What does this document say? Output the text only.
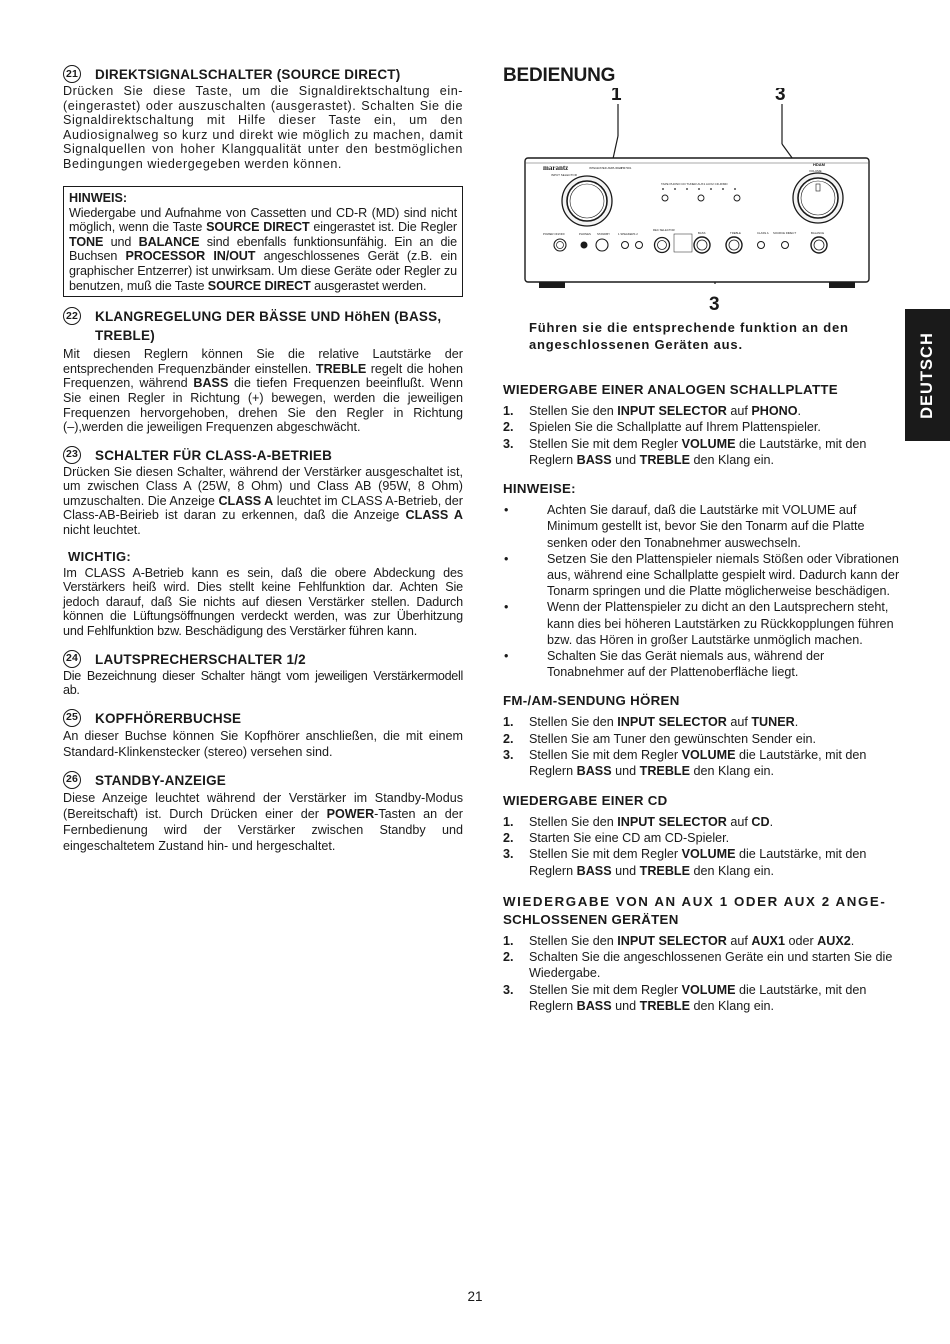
21 DIREKTSIGNALSCHALTER (SOURCE DIRECT)

Drücken Sie diese Taste, um die Signaldirektschaltung ein- (eingerastet) oder auszuschalten (ausgerastet). Schalten Sie die Signaldirektschaltung mit Hilfe dieser Taste ein, um den Audiosignalweg so kurz und direkt wie möglich zu machen, damit Signalquellen von hoher Klangqualität unter den bestmöglichen Bedingungen wiedergegeben werden können.

HINWEIS:

Wiedergabe und Aufnahme von Cassetten und CD-R (MD) sind nicht möglich, wenn die Taste SOURCE DIRECT eingerastet ist. Die Regler TONE und BALANCE sind ebenfalls funktionsunfähig. Ein an die Buchsen PROCESSOR IN/OUT angeschlossenes Gerät (z.B. ein graphischer Entzerrer) ist unwirksam. Um diese Geräte oder Regler zu benutzen, muß die Taste SOURCE DIRECT ausgerastet werden.

22 KLANGREGELUNG DER BÄSSE UND HöhEN (BASS, TREBLE)

Mit diesen Reglern können Sie die relative Lautstärke der entsprechenden Frequenzbänder einstellen. TREBLE regelt die hohen Frequenzen, während BASS die tiefen Frequenzen beeinflußt. Wenn Sie einen Regler in Richtung (+) bewegen, werden die jeweiligen Frequenzen hervorgehoben, drehen Sie den Regler in Richtung (–),werden die jeweiligen Frequenzen abgeschwächt.

23 SCHALTER FÜR CLASS-A-BETRIEB

Drücken Sie diesen Schalter, während der Verstärker ausgeschaltet ist, um zwischen Class A (25W, 8 Ohm) und Class AB (95W, 8 Ohm) umzuschalten. Die Anzeige CLASS A leuchtet im CLASS A-Betrieb, der Class-AB-Beirieb ist daran zu erkennen, daß die Anzeige CLASS A nicht leuchtet.

WICHTIG:

Im CLASS A-Betrieb kann es sein, daß die obere Abdeckung des Verstärkers heiß wird. Dies stellt keine Fehlfunktion dar. Achten Sie jedoch darauf, daß Sie nichts auf diesen Verstärker stellen. Dadurch können die Lüftungsöffnungen verdeckt werden, was zur Überhitzung und Fehlfunktion bzw. Beschädigung des Verstärker führen kann.

24 LAUTSPRECHERSCHALTER 1/2

Die Bezeichnung dieser Schalter hängt vom jeweiligen Verstärkermodell ab.

25 KOPFHÖRERBUCHSE

An dieser Buchse können Sie Kopfhörer anschließen, die mit einem Standard-Klinkenstecker (stereo) versehen sind.

26 STANDBY-ANZEIGE

Diese Anzeige leuchtet während der Verstärker im Standby-Modus (Bereitschaft) ist. Durch Drücken einer der POWER-Tasten an der Fernbedienung wird der Verstärker zwischen Standby und eingeschaltetem Zustand hin- und hergeschaltet.

BEDIENUNG
1	3
3
marantz	INTEGRATED AMPLIFIER
PM7001
INPUT SELECTOR
VOLUME
HDAM
TAPE PHONO CD TUNER AUX1 AUX2 CD-R/MD
POWER ON/OFF	PHONES STANDBY	1 SPEAKERS 2
REC SELECTOR
BASS	TREBLE	CLASS A SOURCE DIRECT	BALANCE

Führen sie die entsprechende funktion an den angeschlossenen Geräten aus.

WIEDERGABE EINER ANALOGEN SCHALLPLATTE
1.	Stellen Sie den INPUT SELECTOR auf PHONO.
2.	Spielen Sie die Schallplatte auf Ihrem Plattenspieler.
3.	Stellen Sie mit dem Regler VOLUME die Lautstärke, mit den Reglern BASS und TREBLE den Klang ein.
HINWEISE:
•	Achten Sie darauf, daß die Lautstärke mit VOLUME auf Minimum gestellt ist, bevor Sie den Tonarm auf die Platte senken oder den Tonabnehmer auswechseln.
•	Setzen Sie den Plattenspieler niemals Stößen oder Vibrationen aus, während eine Schallplatte gespielt wird. Dadurch kann der Tonarm springen und die Platte möglicherweise beschädigen.
•	Wenn der Plattenspieler zu dicht an den Lautsprechern steht, kann dies bei höheren Lautstärken zu Rückkopplungen führen bzw. das Hören in großer Lautstärke unmöglich machen.
•	Schalten Sie das Gerät niemals aus, während der Tonabnehmer auf der Plattenoberfläche liegt.
FM-/AM-SENDUNG HÖREN
1.	Stellen Sie den INPUT SELECTOR auf TUNER.
2.	Stellen Sie am Tuner den gewünschten Sender ein.
3.	Stellen Sie mit dem Regler VOLUME die Lautstärke, mit den Reglern BASS und TREBLE den Klang ein.
WIEDERGABE EINER CD
1.	Stellen Sie den INPUT SELECTOR auf CD.
2.	Starten Sie eine CD am CD-Spieler.
3.	Stellen Sie mit dem Regler VOLUME die Lautstärke, mit den Reglern BASS und TREBLE den Klang ein.
WIEDERGABE VON AN AUX 1 ODER AUX 2 ANGE-
SCHLOSSENEN GERÄTEN
1.	Stellen Sie den INPUT SELECTOR auf AUX1 oder AUX2.
2.	Schalten Sie die angeschlossenen Geräte ein und starten Sie die Wiedergabe.
3.	Stellen Sie mit dem Regler VOLUME die Lautstärke, mit den Reglern BASS und TREBLE den Klang ein.
DEUTSCH
21
